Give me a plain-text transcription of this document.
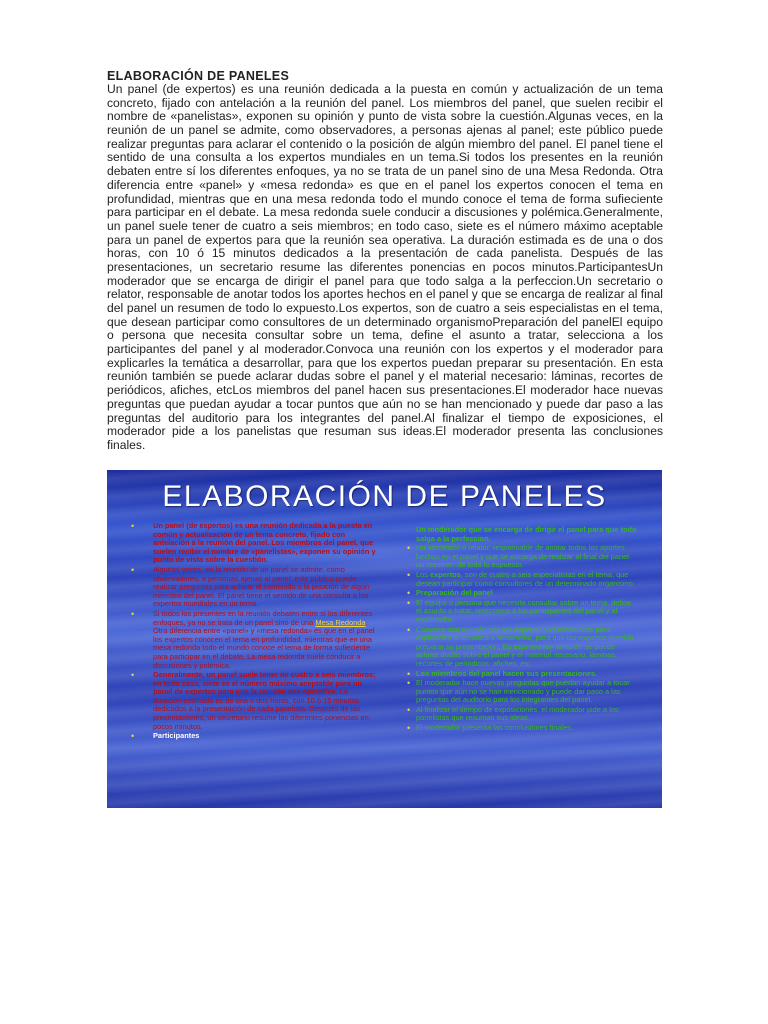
ELABORACIÓN DE PANELES

Un panel (de expertos) es una reunión dedicada a la puesta en común y actualización de un tema concreto, fijado con antelación a la reunión del panel. Los miembros del panel, que suelen recibir el nombre de «panelistas», exponen su opinión y punto de vista sobre la cuestión.Algunas veces, en la reunión de un panel se admite, como observadores, a personas ajenas al panel; este público puede realizar preguntas para aclarar el contenido o la posición de algún miembro del panel. El panel tiene el sentido de una consulta a los expertos mundiales en un tema.Si todos los presentes en la reunión debaten entre sí los diferentes enfoques, ya no se trata de un panel sino de una Mesa Redonda. Otra diferencia entre «panel» y «mesa redonda» es que en el panel los expertos conocen el tema en profundidad, mientras que en una mesa redonda todo el mundo conoce el tema de forma sufieciente para participar en el debate. La mesa redonda suele conducir a discusiones y polémica.Generalmente, un panel suele tener de cuatro a seis miembros; en todo caso, siete es el número máximo aceptable para un panel de expertos para que la reunión sea operativa. La duración estimada es de una o dos horas, con 10 ó 15 minutos dedicados a la presentación de cada panelista. Después de las presentaciones, un secretario resume las diferentes ponencias en pocos minutos.ParticipantesUn moderador que se encarga de dirigir el panel para que todo salga a la perfeccion.Un secretario o relator, responsable de anotar todos los aportes hechos en el panel y que se encarga de realizar al final del panel un resumen de todo lo expuesto.Los expertos, son de cuatro a seis especialistas en el tema, que desean participar como consultores de un determinado organismoPreparación del panelEl equipo o persona que necesita consultar sobre un tema, define el asunto a tratar, selecciona a los participantes del panel y al moderador.Convoca una reunión con los expertos y el moderador para explicarles la temática a desarrollar, para que los expertos puedan preparar su presentación. En esta reunión también se puede aclarar dudas sobre el panel y el material necesario: láminas, recortes de periódicos, afiches, etcLos miembros del panel hacen sus presentaciones.El moderador hace nuevas preguntas que puedan ayudar a tocar puntos que aún no se han mencionado y puede dar paso a las preguntas del auditorio para los integrantes del panel.Al finalizar el tiempo de exposiciones, el moderador pide a los panelistas que resuman sus ideas.El moderador presenta las conclusiones finales.

ELABORACIÓN DE PANELES
• Un panel (de expertos) es una reunión dedicada a la puesta en común y actualización de un tema concreto, fijado con antelación a la reunión del panel. Los miembros del panel, que suelen recibir el nombre de «panelistas», exponen su opinión y punto de vista sobre la cuestión.
• Algunas veces, en la reunión de un panel se admite, como observadores, a personas ajenas al panel; este público puede realizar preguntas para aclarar el contenido o la posición de algún miembro del panel. El panel tiene el sentido de una consulta a los expertos mundiales en un tema.
• Si todos los presentes en la reunión debaten entre sí los diferentes enfoques, ya no se trata de un panel sino de una Mesa Redonda. Otra diferencia entre «panel» y «mesa redonda» es que en el panel los expertos conocen el tema en profundidad, mientras que en una mesa redonda todo el mundo conoce el tema de forma sufieciente para participar en el debate. La mesa redonda suele conducir a discusiones y polémica.
• Generalmente, un panel suele tener de cuatro a seis miembros; en todo caso, siete es el número máximo aceptable para un panel de expertos para que la reunión sea operativa. La duración estimada es de una o dos horas, con 10 ó 15 minutos dedicados a la presentación de cada panelista. Después de las presentaciones, un secretario resume las diferentes ponencias en pocos minutos.
• Participantes
Un moderador que se encarga de dirigir el panel para que todo salga a la perfeccion.
• Un secretario o relator, responsable de anotar todos los aportes hechos en el panel y que se encarga de realizar al final del panel un resumen de todo lo expuesto.
• Los expertos, son de cuatro a seis especialistas en el tema, que desean participar como consultores de un determinado organismo
• Preparación del panel
• El equipo o persona que necesita consultar sobre un tema, define el asunto a tratar, selecciona a los participantes del panel y al moderador.
• Convoca una reunión con los expertos y el moderador para explicarles la temática a desarrollar, para que los expertos puedan preparar su presentación. En esta reunión también se puede aclarar dudas sobre el panel y el material necesario: láminas, recortes de periódicos, afiches, etc
• Los miembros del panel hacen sus presentaciones.
• El moderador hace nuevas preguntas que puedan ayudar a tocar puntos que aún no se han mencionado y puede dar paso a las preguntas del auditorio para los integrantes del panel.
• Al finalizar el tiempo de exposiciones, el moderador pide a los panelistas que resuman sus ideas.
• El moderador presenta las conclusiones finales.
